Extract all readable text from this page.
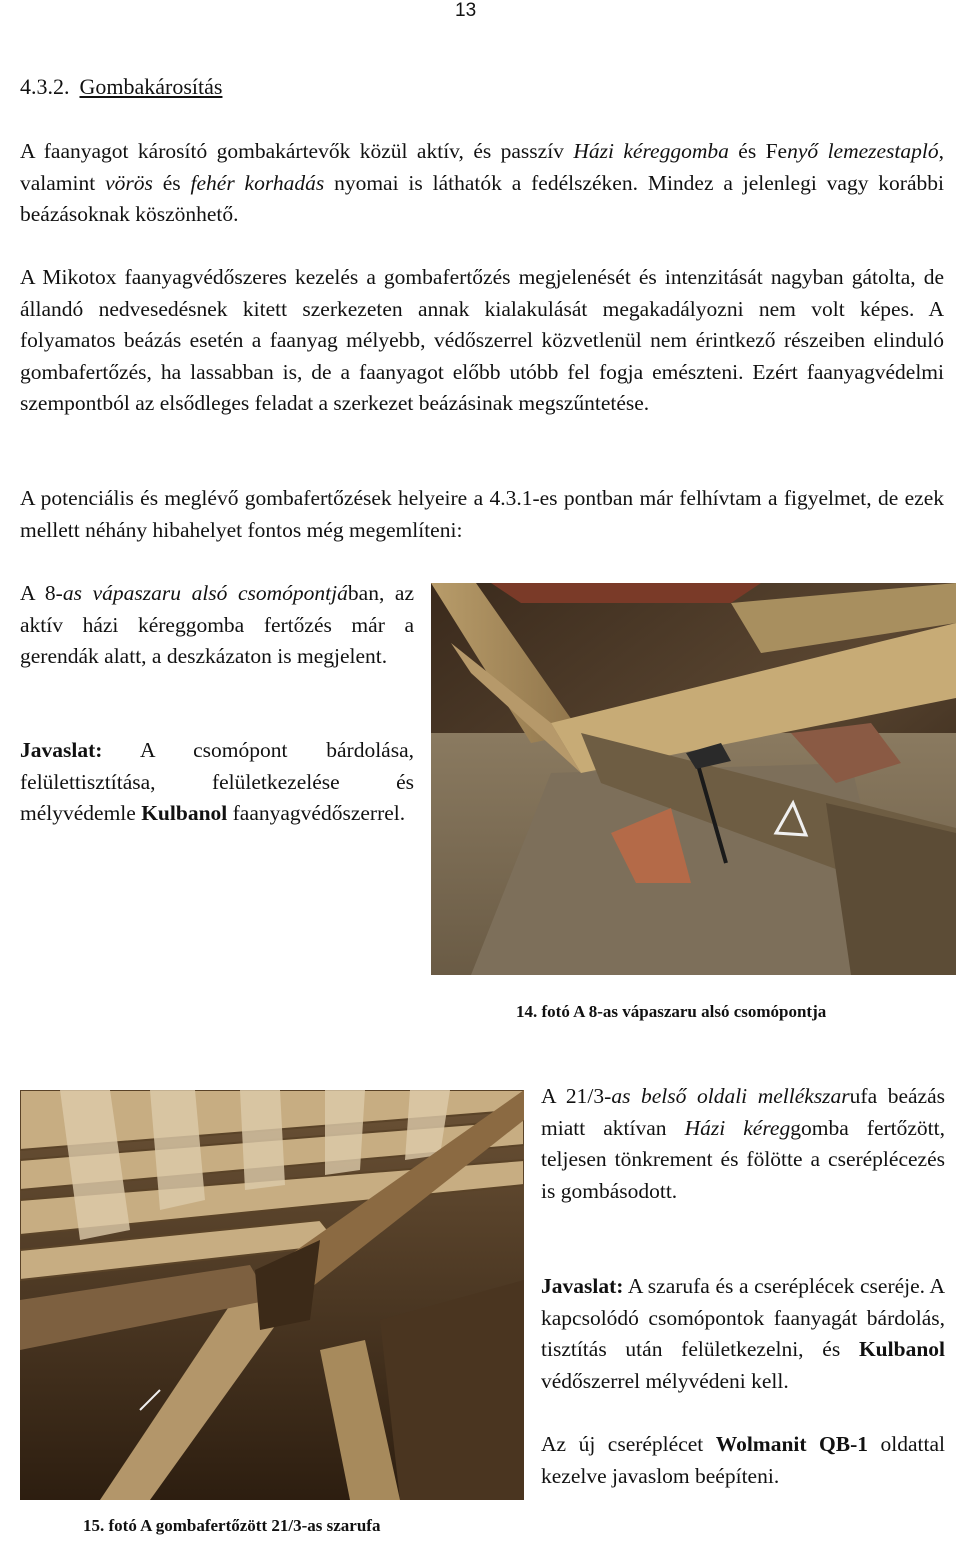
13
4.3.2. Gombakárosítás
A faanyagot károsító gombakártevők közül aktív, és passzív Házi kéreggomba és Fenyő lemezestapló, valamint vörös és fehér korhadás nyomai is láthatók a fedélszéken. Mindez a jelenlegi vagy korábbi beázásoknak köszönhető.
A Mikotox faanyagvédőszeres kezelés a gombafertőzés megjelenését és intenzitását nagyban gátolta, de állandó nedvesedésnek kitett szerkezeten annak kialakulását megakadályozni nem volt képes. A folyamatos beázás esetén a faanyag mélyebb, védőszerrel közvetlenül nem érintkező részeiben elinduló gombafertőzés, ha lassabban is, de a faanyagot előbb utóbb fel fogja emészteni. Ezért faanyagvédelmi szempontból az elsődleges feladat a szerkezet beázásinak megszűntetése.
A potenciális és meglévő gombafertőzések helyeire a 4.3.1-es pontban már felhívtam a figyelmet, de ezek mellett néhány hibahelyet fontos még megemlíteni:
A 8-as vápaszaru alsó csomópontjában, az aktív házi kéreggomba fertőzés már a gerendák alatt, a deszkázaton is megjelent.
Javaslat: A csomópont bárdolása, felülettisztítása, felületkezelése és mélyvédemle Kulbanol faanyagvédőszerrel.
14. fotó A 8-as vápaszaru alsó csomópontja
15. fotó A gombafertőzött 21/3-as szarufa
A 21/3-as belső oldali mellékszarufa beázás miatt aktívan Házi kéreggomba fertőzött, teljesen tönkrement és fölötte a cseréplécezés is gombásodott.
Javaslat: A szarufa és a cseréplécek cseréje. A kapcsolódó csomópontok faanyagát bárdolás, tisztítás után felületkezelni, és Kulbanol védőszerrel mélyvédeni kell.
Az új cseréplécet Wolmanit QB-1 oldattal kezelve javaslom beépíteni.
